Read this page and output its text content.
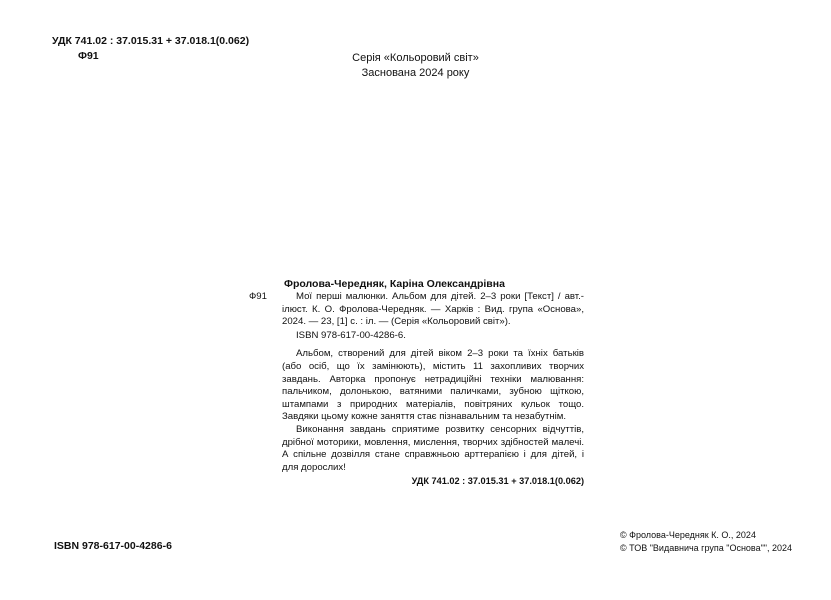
УДК 741.02 : 37.015.31 + 37.018.1(0.062)
Ф91	Серія «Кольоровий світ»
Заснована 2024 року
Фролова-Чередняк, Каріна Олександрівна
Ф91	Мої перші малюнки. Альбом для дітей. 2–3 роки [Текст] / авт.-ілюст. К. О. Фролова-Чередняк. — Харків : Вид. група «Основа», 2024. — 23, [1] с. : іл. — (Серія «Кольоровий світ»).
ISBN 978-617-00-4286-6.
Альбом, створений для дітей віком 2–3 роки та їхніх батьків (або осіб, що їх замінюють), містить 11 захопливих творчих завдань. Авторка пропонує нетрадиційні техніки малювання: пальчиком, долонькою, ватяними паличками, зубною щіткою, штампами з природних матеріалів, повітряних кульок тощо. Завдяки цьому кожне заняття стає пізнавальним та незабутнім.
Виконання завдань сприятиме розвитку сенсорних відчуттів, дрібної моторики, мовлення, мислення, творчих здібностей малечі. А спільне дозвілля стане справжньою арттерапією і для дітей, і для дорослих!
УДК 741.02 : 37.015.31 + 37.018.1(0.062)
ISBN 978-617-00-4286-6
© Фролова-Чередняк К. О., 2024
© ТОВ "Видавнича група "Основа"", 2024
